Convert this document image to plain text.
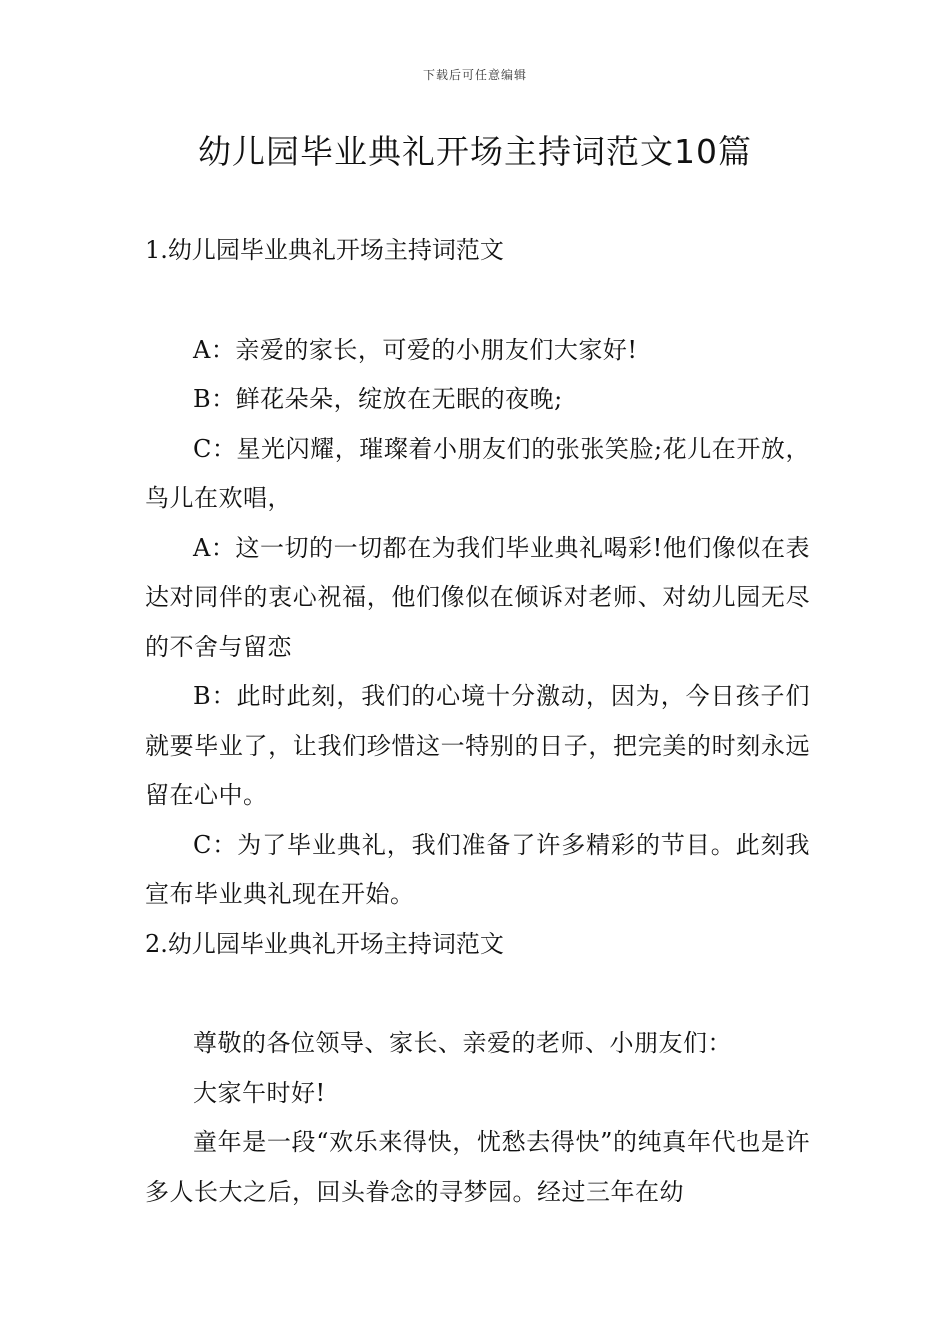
下载后可任意编辑
幼儿园毕业典礼开场主持词范文10篇

1.幼儿园毕业典礼开场主持词范文

A：亲爱的家长，可爱的小朋友们大家好!

B：鲜花朵朵，绽放在无眠的夜晚;

C：星光闪耀，璀璨着小朋友们的张张笑脸;花儿在开放，鸟儿在欢唱，

A：这一切的一切都在为我们毕业典礼喝彩!他们像似在表达对同伴的衷心祝福，他们像似在倾诉对老师、对幼儿园无尽的不舍与留恋

B：此时此刻，我们的心境十分激动，因为，今日孩子们就要毕业了，让我们珍惜这一特别的日子，把完美的时刻永远留在心中。

C：为了毕业典礼，我们准备了许多精彩的节目。此刻我宣布毕业典礼现在开始。

2.幼儿园毕业典礼开场主持词范文

尊敬的各位领导、家长、亲爱的老师、小朋友们：

大家午时好!

童年是一段“欢乐来得快，忧愁去得快”的纯真年代也是许多人长大之后，回头眷念的寻梦园。经过三年在幼
